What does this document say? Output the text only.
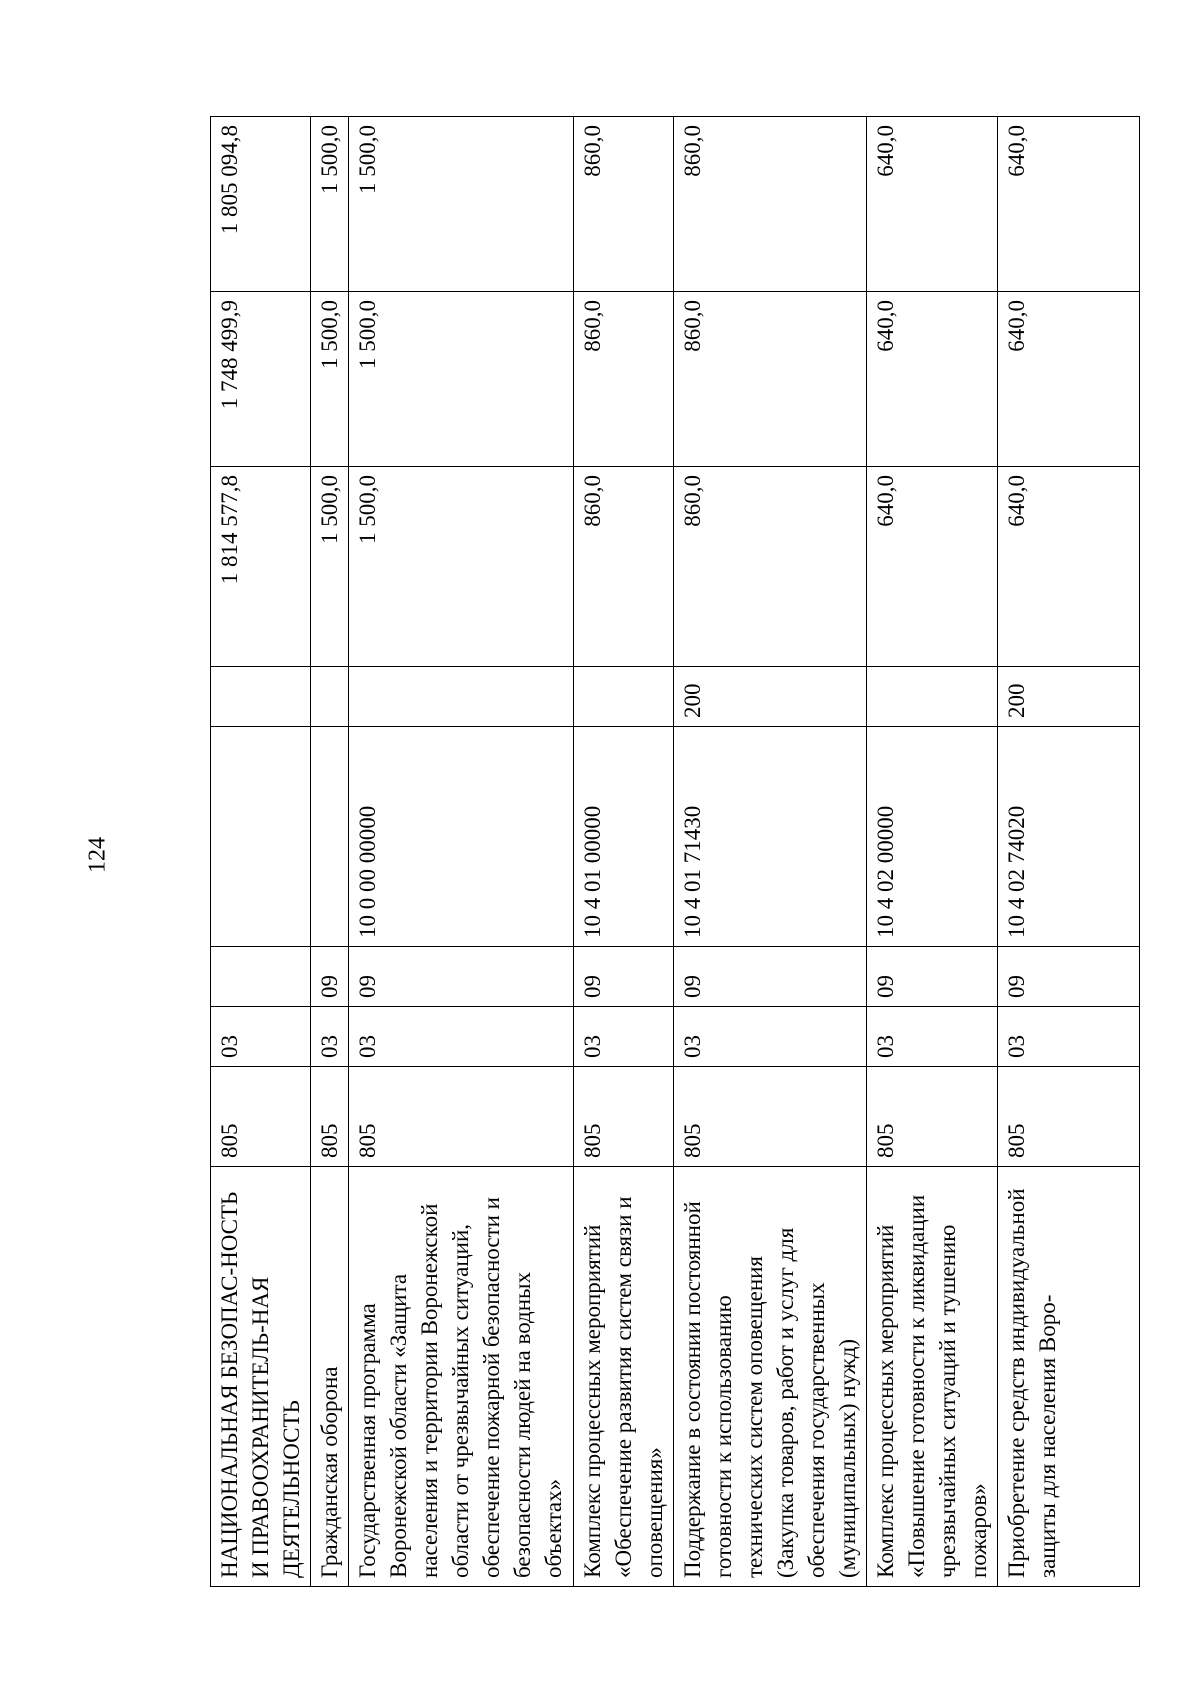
124
НАЦИОНАЛЬНАЯ БЕЗОПАС-НОСТЬ И ПРАВООХРАНИТЕЛЬ-НАЯ ДЕЯТЕЛЬНОСТЬ	805	03				1 814 577,8	1 748 499,9	1 805 094,8
Гражданская оборона	805	03	09			1 500,0	1 500,0	1 500,0
Государственная программа Воронежской области «Защита населения и территории Воронежской области от чрезвычайных ситуаций, обеспечение пожарной безопасности и безопасности людей на водных объектах»	805	03	09	10 0 00 00000		1 500,0	1 500,0	1 500,0
Комплекс процессных мероприятий «Обеспечение развития систем связи и оповещения»	805	03	09	10 4 01 00000		860,0	860,0	860,0
Поддержание в состоянии постоянной готовности к использованию технических систем оповещения (Закупка товаров, работ и услуг для обеспечения государственных (муниципальных) нужд)	805	03	09	10 4 01 71430	200	860,0	860,0	860,0
Комплекс процессных мероприятий «Повышение готовности к ликвидации чрезвычайных ситуаций и тушению пожаров»	805	03	09	10 4 02 00000		640,0	640,0	640,0
Приобретение средств индивидуальной защиты для населения Воро-	805	03	09	10 4 02 74020	200	640,0	640,0	640,0
